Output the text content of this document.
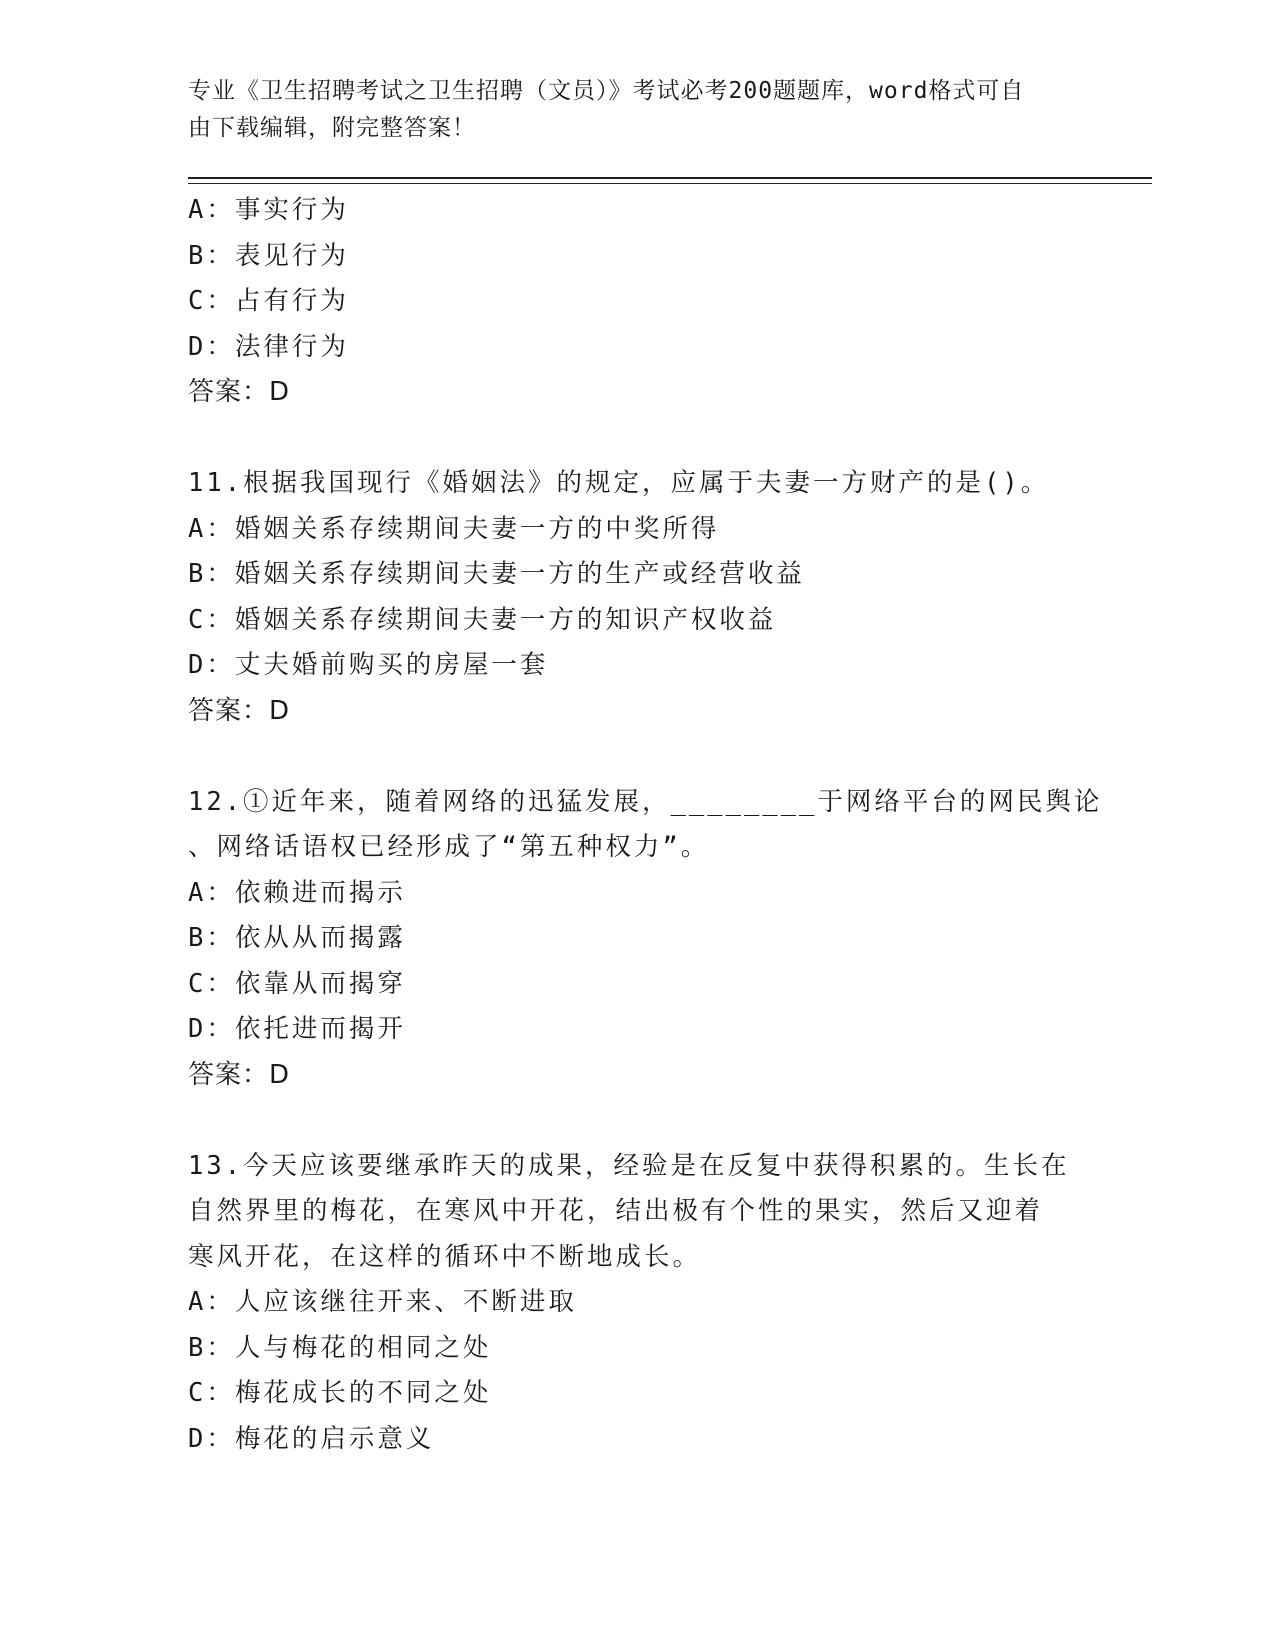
专业《卫生招聘考试之卫生招聘（文员）》考试必考200题题库，word格式可自
由下载编辑，附完整答案！
A：事实行为
B：表见行为
C：占有行为
D：法律行为
答案：D
11.根据我国现行《婚姻法》的规定，应属于夫妻一方财产的是()。
A：婚姻关系存续期间夫妻一方的中奖所得
B：婚姻关系存续期间夫妻一方的生产或经营收益
C：婚姻关系存续期间夫妻一方的知识产权收益
D：丈夫婚前购买的房屋一套
答案：D
12.①近年来，随着网络的迅猛发展，________于网络平台的网民舆论
、网络话语权已经形成了“第五种权力”。
A：依赖进而揭示
B：依从从而揭露
C：依靠从而揭穿
D：依托进而揭开
答案：D
13.今天应该要继承昨天的成果，经验是在反复中获得积累的。生长在
自然界里的梅花，在寒风中开花，结出极有个性的果实，然后又迎着
寒风开花，在这样的循环中不断地成长。
A：人应该继往开来、不断进取
B：人与梅花的相同之处
C：梅花成长的不同之处
D：梅花的启示意义
